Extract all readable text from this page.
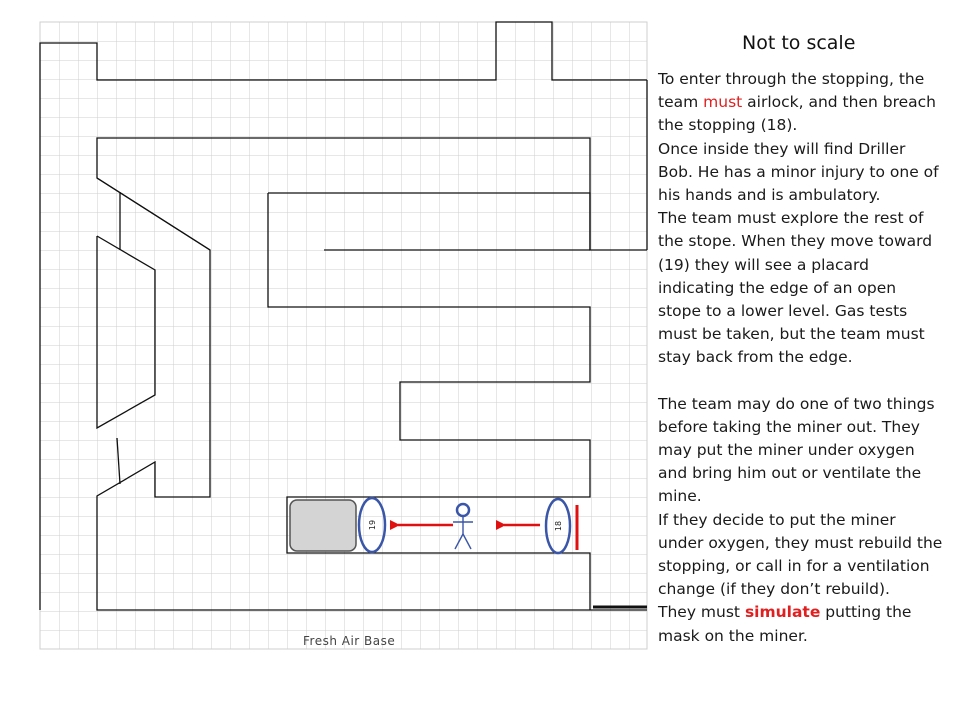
19	18
Fresh Air Base
Not to scale

To enter through the stopping, the team must airlock, and then breach the stopping (18).

Once inside they will find Driller Bob. He has a minor injury to one of his hands and is ambulatory.

The team must explore the rest of the stope. When they move toward (19) they will see a placard indicating the edge of an open stope to a lower level. Gas tests must be taken, but the team must stay back from the edge.

The team may do one of two things before taking the miner out. They may put the miner under oxygen and bring him out or ventilate the mine.

If they decide to put the miner under oxygen, they must rebuild the stopping, or call in for a ventilation change (if they don’t rebuild).

They must simulate putting the mask on the miner.
